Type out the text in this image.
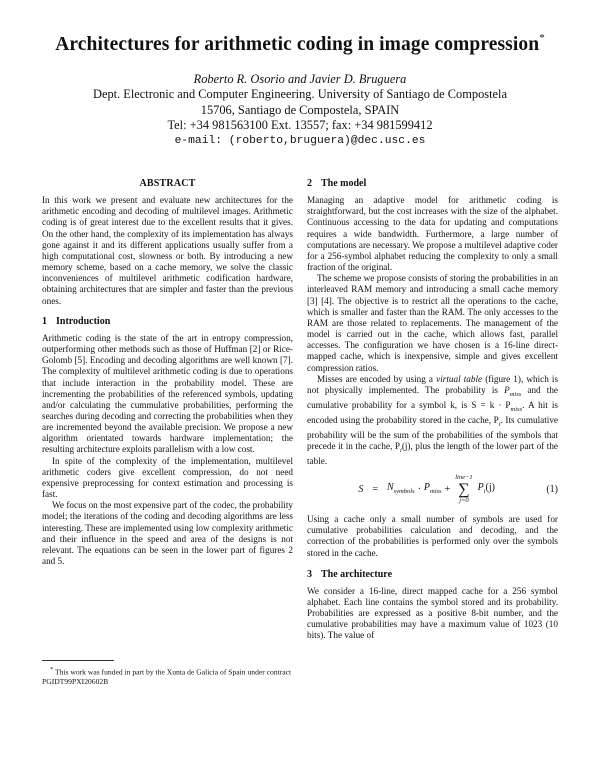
Architectures for arithmetic coding in image compression*
Roberto R. Osorio and Javier D. Bruguera
Dept. Electronic and Computer Engineering. University of Santiago de Compostela
15706, Santiago de Compostela, SPAIN
Tel: +34 981563100 Ext. 13557; fax: +34 981599412
e-mail: (roberto,bruguera)@dec.usc.es
ABSTRACT

In this work we present and evaluate new architectures for the arithmetic encoding and decoding of multilevel images. Arithmetic coding is of great interest due to the excellent results that it gives. On the other hand, the complexity of its implementation has always gone against it and its different applications usually suffer from a high computational cost, slowness or both. By introducing a new memory scheme, based on a cache memory, we solve the classic inconveniences of multilevel arithmetic codification hardware, obtaining architectures that are simpler and faster than the previous ones.

1 Introduction

Arithmetic coding is the state of the art in entropy compression, outperforming other methods such as those of Huffman [2] or Rice-Golomb [5]. Encoding and decoding algorithms are well known [7]. The complexity of multilevel arithmetic coding is due to operations that include interaction in the probability model. These are incrementing the probabilities of the referenced symbols, updating and/or calculating the cummulative probabilities, performing the searches during decoding and correcting the probabilities when they are incremented beyond the available precision. We propose a new algorithm orientated towards hardware implementation; the resulting architecture exploits parallelism with a low cost.

In spite of the complexity of the implementation, multilevel arithmetic coders give excellent compression, do not need expensive preprocessing for context estimation and processing is fast.

We focus on the most expensive part of the codec, the probability model; the iterations of the coding and decoding algorithms are less interesting. These are implemented using low complexity arithmetic and their influence in the speed and area of the designs is not relevant. The equations can be seen in the lower part of figures 2 and 5.

* This work was funded in part by the Xunta de Galicia of Spain under contract PGIDT99PXI20602B

2 The model

Managing an adaptive model for arithmetic coding is straightforward, but the cost increases with the size of the alphabet. Continuous accessing to the data for updating and computations requires a wide bandwidth. Furthermore, a large number of computations are necessary. We propose a multilevel adaptive coder for a 256-symbol alphabet reducing the complexity to only a small fraction of the original.

The scheme we propose consists of storing the probabilities in an interleaved RAM memory and introducing a small cache memory [3] [4]. The objective is to restrict all the operations to the cache, which is smaller and faster than the RAM. The only accesses to the RAM are those related to replacements. The management of the model is carried out in the cache, which allows fast, parallel accesses. The configuration we have chosen is a 16-line direct-mapped cache, which is inexpensive, simple and gives excellent compression ratios.

Misses are encoded by using a virtual table (figure 1), which is not physically implemented. The probability is $P_{miss}$ and the cumulative probability for a symbol k, is $S = k \cdot P_{miss}$. A hit is encoded using the probability stored in the cache, $P_i$. Its cumulative probability will be the sum of the probabilities of the symbols that precede it in the cache, $P_i(j)$, plus the length of the lower part of the table.

$S = N_{symbols} \cdot P_{miss}$ +
line−1
∑
j=0
$P_i(j)$	(1)

Using a cache only a small number of symbols are used for cumulative probabilities calculation and decoding, and the correction of the probabilities is performed only over the symbols stored in the cache.

3 The architecture

We consider a 16-line, direct mapped cache for a 256 symbol alphabet. Each line contains the symbol stored and its probability. Probabilities are expressed as a positive 8-bit number, and the cumulative probabilities may have a maximum value of 1023 (10 bits). The value of
